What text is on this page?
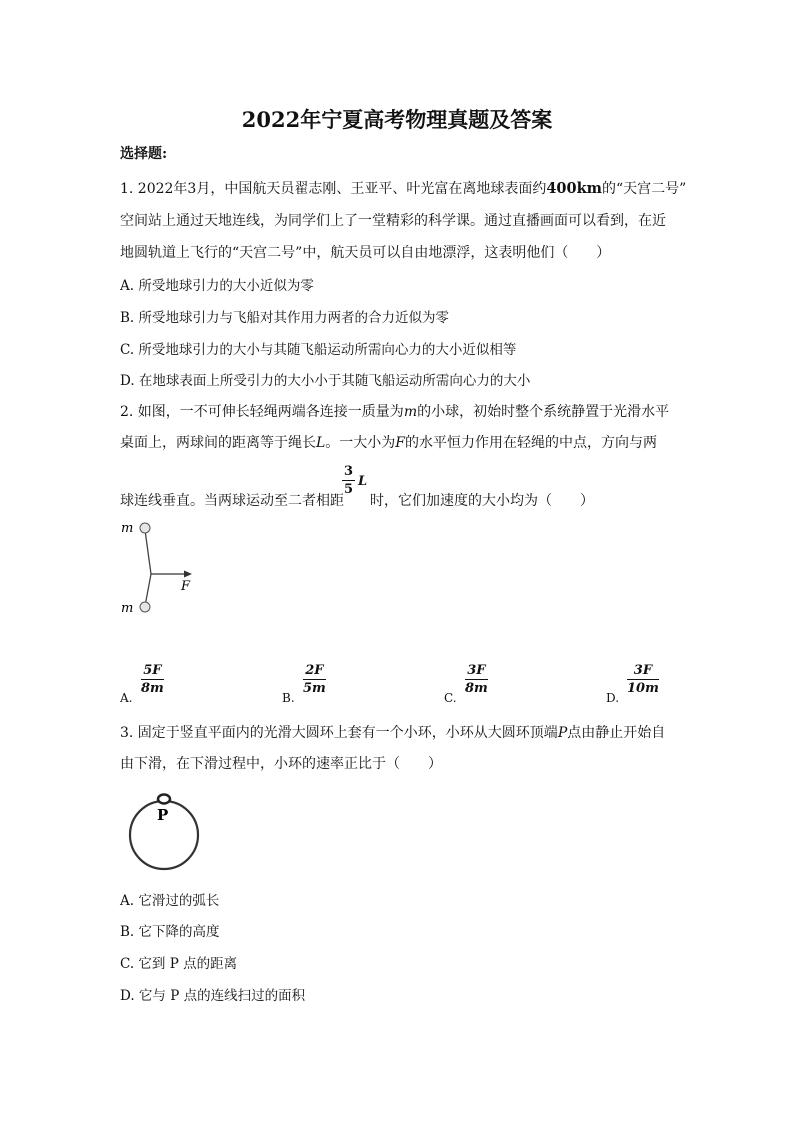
2022年宁夏高考物理真题及答案
选择题:
1. 2022年3月，中国航天员翟志刚、王亚平、叶光富在离地球表面约400km的“天宫二号”
空间站上通过天地连线，为同学们上了一堂精彩的科学课。通过直播画面可以看到，在近
地圆轨道上飞行的“天宫二号”中，航天员可以自由地漂浮，这表明他们（　　）
A. 所受地球引力的大小近似为零
B. 所受地球引力与飞船对其作用力两者的合力近似为零
C. 所受地球引力的大小与其随飞船运动所需向心力的大小近似相等
D. 在地球表面上所受引力的大小小于其随飞船运动所需向心力的大小
2. 如图，一不可伸长轻绳两端各连接一质量为m的小球，初始时整个系统静置于光滑水平
桌面上，两球间的距离等于绳长L。一大小为F的水平恒力作用在轻绳的中点，方向与两
球连线垂直。当两球运动至二者相距
$\frac{3}{5}$ L
时，它们加速度的大小均为（　　）
m
m
F
A.
$\frac{5F}{8m}$
B.
$\frac{2F}{5m}$
C.
$\frac{3F}{8m}$
D.
$\frac{3F}{10m}$
3. 固定于竖直平面内的光滑大圆环上套有一个小环，小环从大圆环顶端P点由静止开始自
由下滑，在下滑过程中，小环的速率正比于（　　）
P
A. 它滑过的弧长
B. 它下降的高度
C. 它到 P 点的距离
D. 它与 P 点的连线扫过的面积
